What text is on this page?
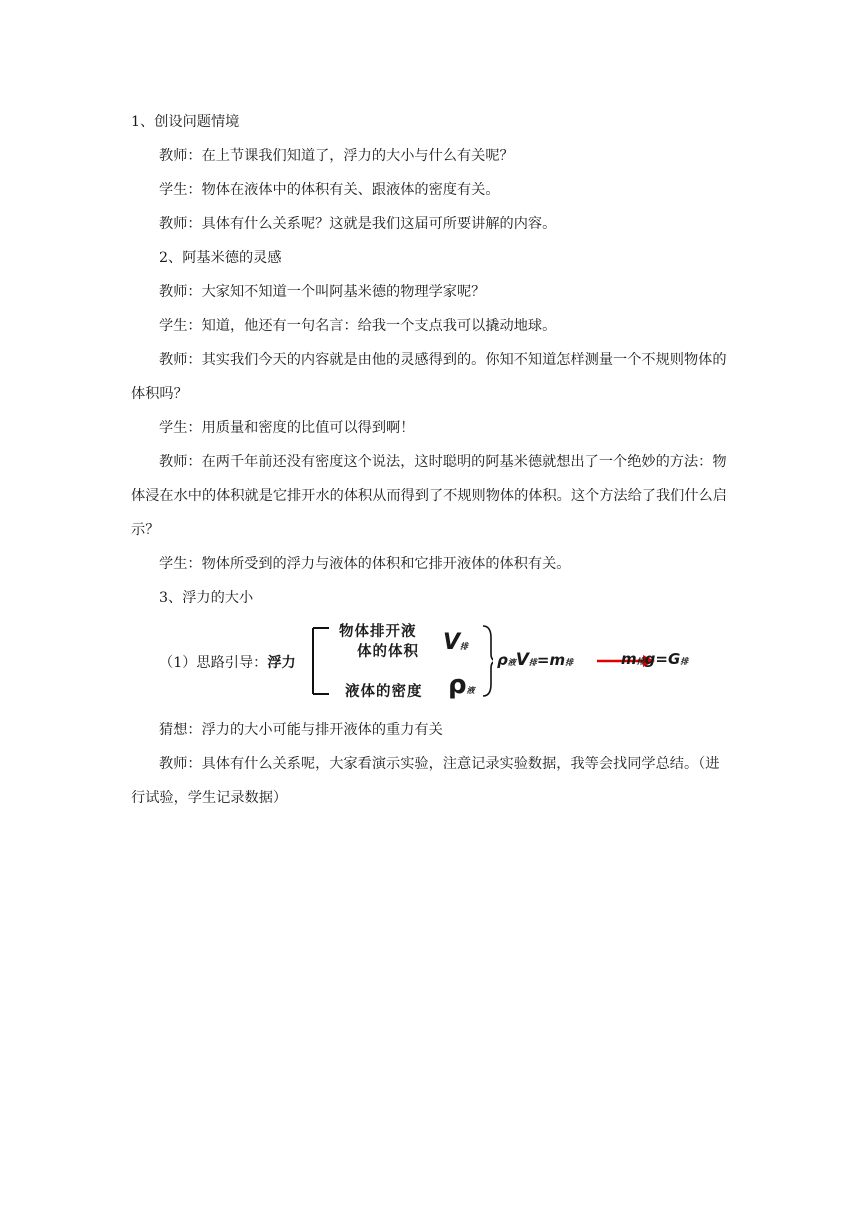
1、创设问题情境
教师：在上节课我们知道了，浮力的大小与什么有关呢？
学生：物体在液体中的体积有关、跟液体的密度有关。
教师：具体有什么关系呢？这就是我们这届可所要讲解的内容。
2、阿基米德的灵感
教师：大家知不知道一个叫阿基米德的物理学家呢？
学生：知道，他还有一句名言：给我一个支点我可以撬动地球。
教师：其实我们今天的内容就是由他的灵感得到的。你知不知道怎样测量一个不规则物体的体积吗？
学生：用质量和密度的比值可以得到啊！
教师：在两千年前还没有密度这个说法，这时聪明的阿基米德就想出了一个绝妙的方法：物体浸在水中的体积就是它排开水的体积从而得到了不规则物体的体积。这个方法给了我们什么启示？
学生：物体所受到的浮力与液体的体积和它排开液体的体积有关。
3、浮力的大小
（1）思路引导：浮力
物体排开液
体的体积 V排
液体的密度 ρ液
ρ液V排=m排	m排g=G排
猜想：浮力的大小可能与排开液体的重力有关
教师：具体有什么关系呢，大家看演示实验，注意记录实验数据，我等会找同学总结。（进行试验，学生记录数据）
